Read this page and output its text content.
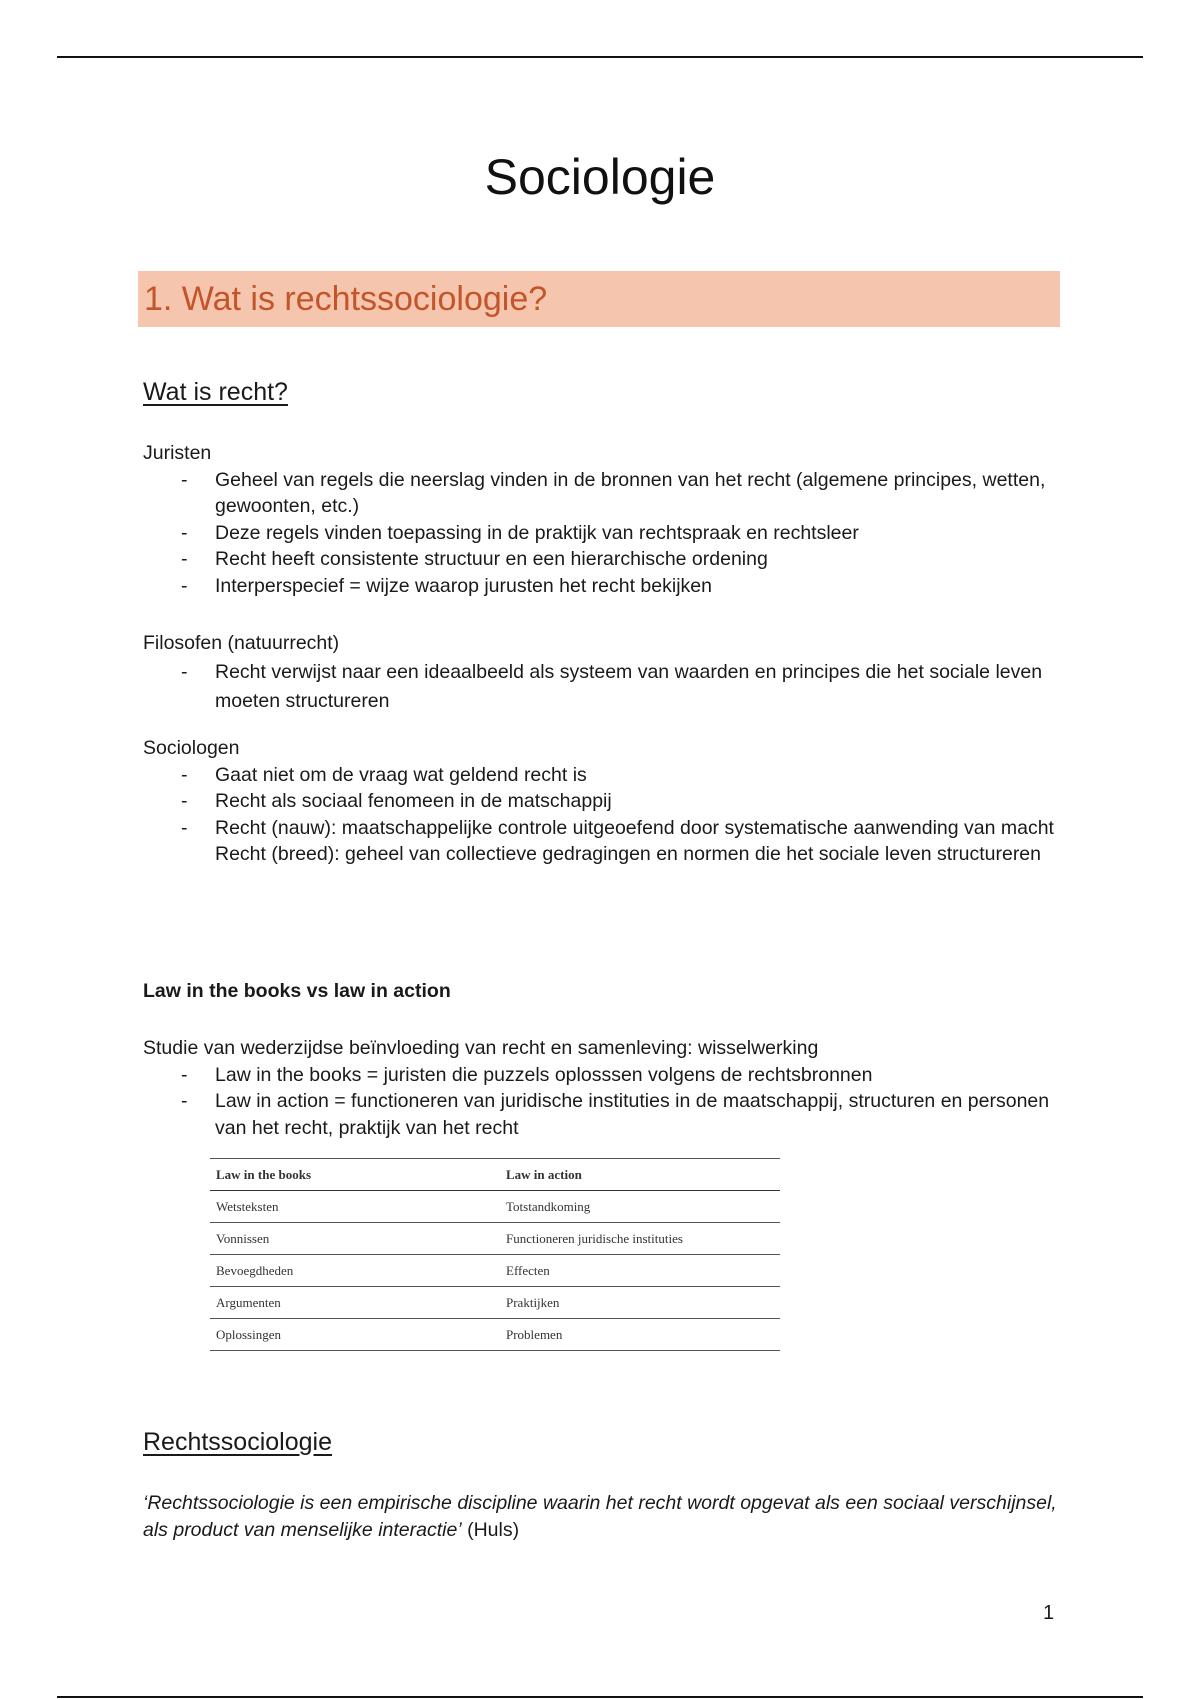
Sociologie
1. Wat is rechtssociologie?
Wat is recht?

Juristen

- Geheel van regels die neerslag vinden in de bronnen van het recht (algemene principes, wetten, gewoonten, etc.)
- Deze regels vinden toepassing in de praktijk van rechtspraak en rechtsleer
- Recht heeft consistente structuur en een hierarchische ordening
- Interperspecief = wijze waarop jurusten het recht bekijken

Filosofen (natuurrecht)

- Recht verwijst naar een ideaalbeeld als systeem van waarden en principes die het sociale leven moeten structureren

Sociologen

- Gaat niet om de vraag wat geldend recht is
- Recht als sociaal fenomeen in de matschappij
- Recht (nauw): maatschappelijke controle uitgeoefend door systematische aanwending van macht
Recht (breed): geheel van collectieve gedragingen en normen die het sociale leven structureren

Law in the books vs law in action

Studie van wederzijdse beïnvloeding van recht en samenleving: wisselwerking

- Law in the books = juristen die puzzels oplosssen volgens de rechtsbronnen
- Law in action = functioneren van juridische instituties in de maatschappij, structuren en personen van het recht, praktijk van het recht
Law in the books	Law in action
Wetsteksten	Totstandkoming
Vonnissen	Functioneren juridische instituties
Bevoegdheden	Effecten
Argumenten	Praktijken
Oplossingen	Problemen
Rechtssociologie

‘Rechtssociologie is een empirische discipline waarin het recht wordt opgevat als een sociaal verschijnsel, als product van menselijke interactie’ (Huls)

1
